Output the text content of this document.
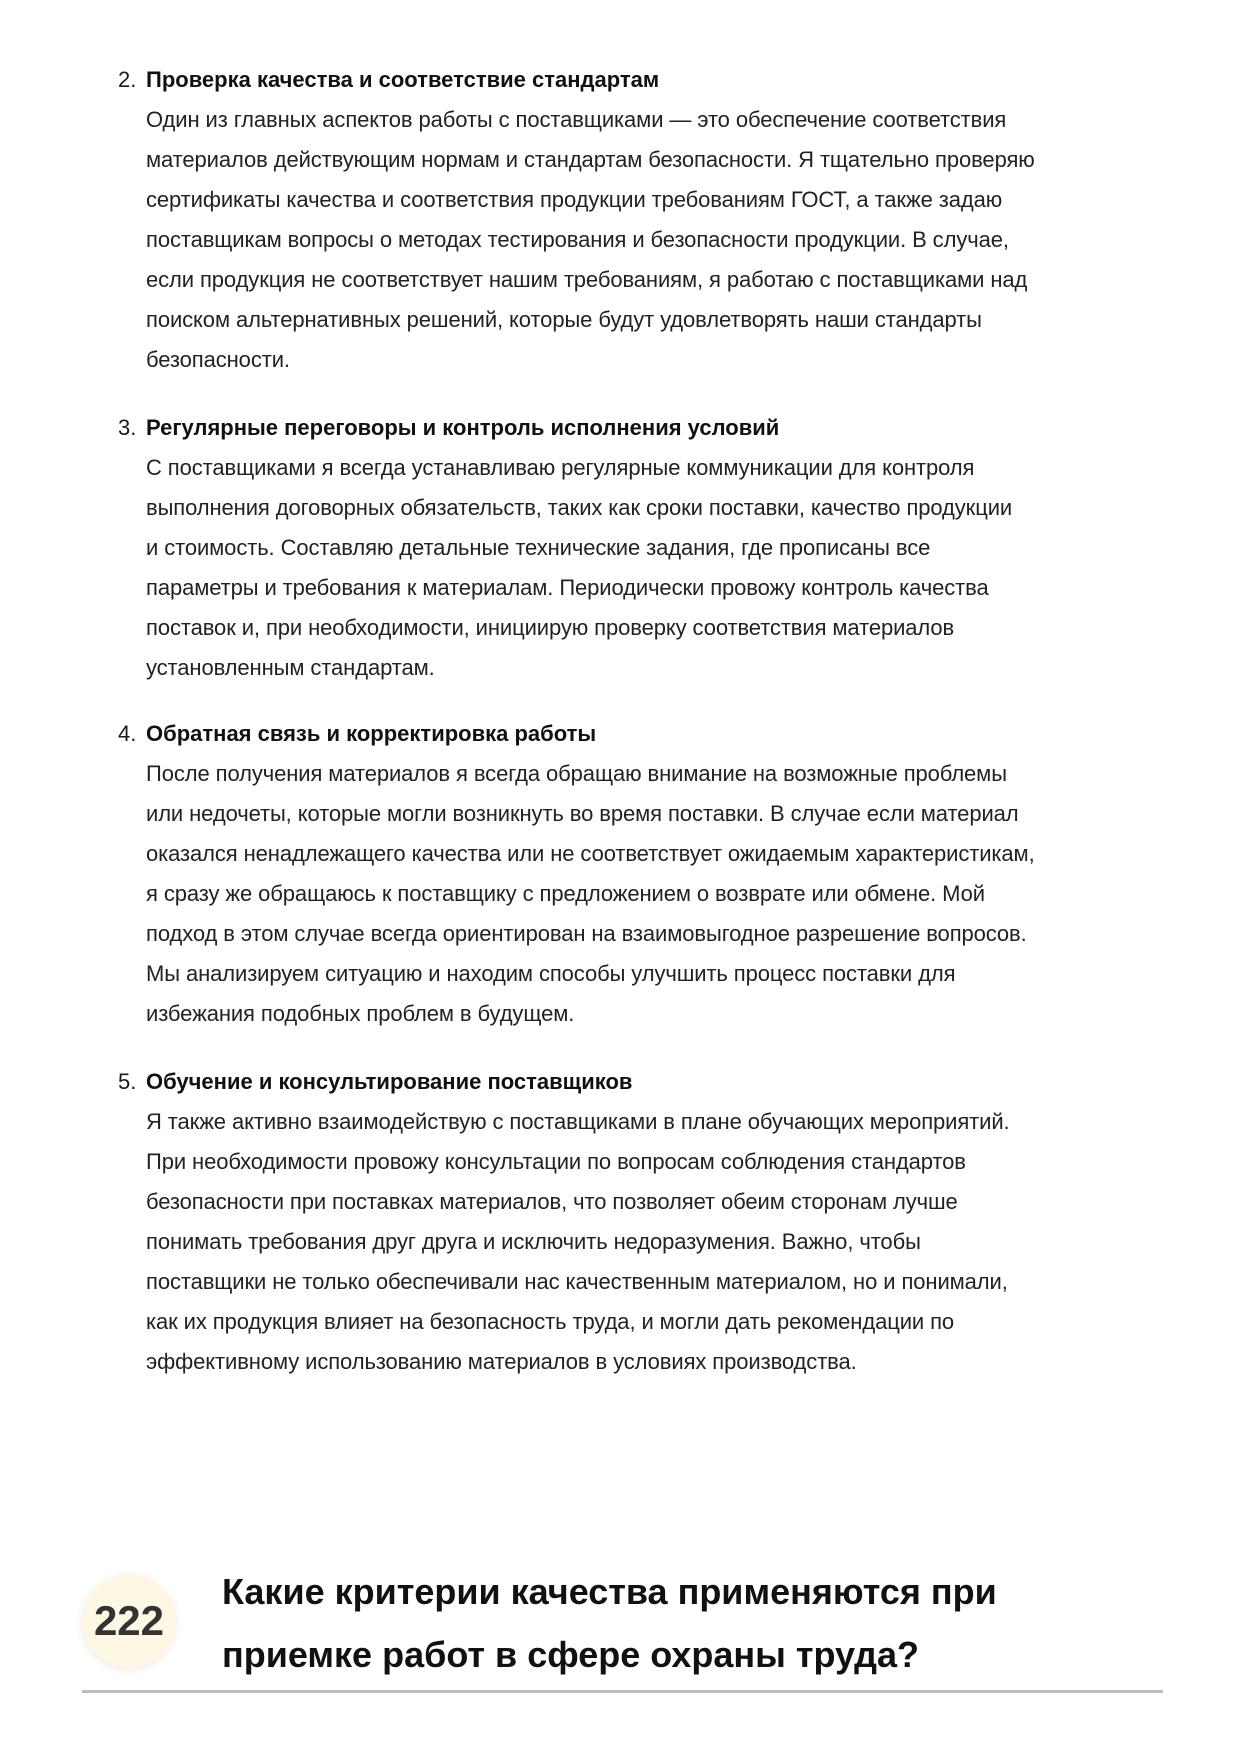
2. Проверка качества и соответствие стандартам
Один из главных аспектов работы с поставщиками — это обеспечение соответствия
материалов действующим нормам и стандартам безопасности. Я тщательно проверяю
сертификаты качества и соответствия продукции требованиям ГОСТ, а также задаю
поставщикам вопросы о методах тестирования и безопасности продукции. В случае,
если продукция не соответствует нашим требованиям, я работаю с поставщиками над
поиском альтернативных решений, которые будут удовлетворять наши стандарты
безопасности.
3. Регулярные переговоры и контроль исполнения условий
С поставщиками я всегда устанавливаю регулярные коммуникации для контроля
выполнения договорных обязательств, таких как сроки поставки, качество продукции
и стоимость. Составляю детальные технические задания, где прописаны все
параметры и требования к материалам. Периодически провожу контроль качества
поставок и, при необходимости, инициирую проверку соответствия материалов
установленным стандартам.
4. Обратная связь и корректировка работы
После получения материалов я всегда обращаю внимание на возможные проблемы
или недочеты, которые могли возникнуть во время поставки. В случае если материал
оказался ненадлежащего качества или не соответствует ожидаемым характеристикам,
я сразу же обращаюсь к поставщику с предложением о возврате или обмене. Мой
подход в этом случае всегда ориентирован на взаимовыгодное разрешение вопросов.
Мы анализируем ситуацию и находим способы улучшить процесс поставки для
избежания подобных проблем в будущем.
5. Обучение и консультирование поставщиков
Я также активно взаимодействую с поставщиками в плане обучающих мероприятий.
При необходимости провожу консультации по вопросам соблюдения стандартов
безопасности при поставках материалов, что позволяет обеим сторонам лучше
понимать требования друг друга и исключить недоразумения. Важно, чтобы
поставщики не только обеспечивали нас качественным материалом, но и понимали,
как их продукция влияет на безопасность труда, и могли дать рекомендации по
эффективному использованию материалов в условиях производства.
222
Какие критерии качества применяются при
приемке работ в сфере охраны труда?
